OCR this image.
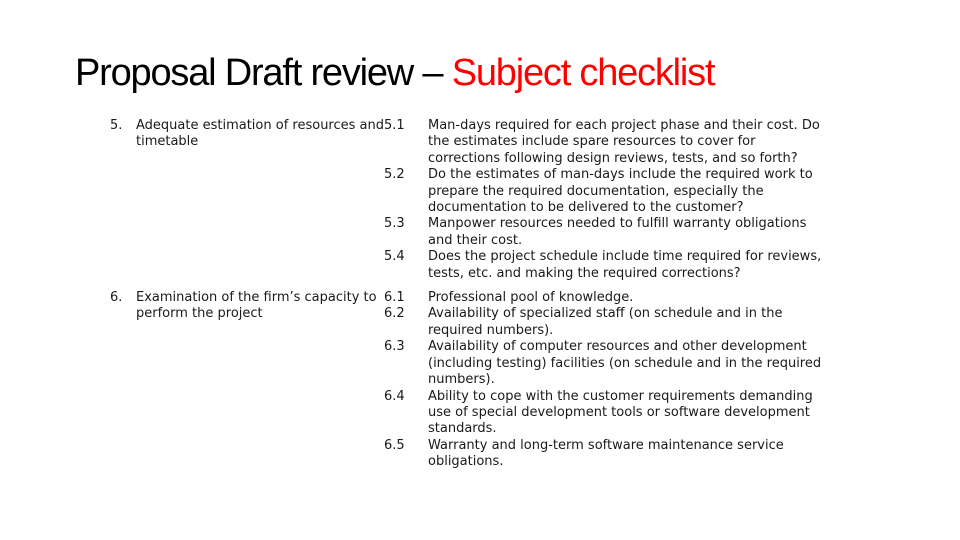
Proposal Draft review – Subject checklist
5.	Adequate estimation of resources and timetable
5.1	Man-days required for each project phase and their cost. Do the estimates include spare resources to cover for corrections following design reviews, tests, and so forth?
5.2	Do the estimates of man-days include the required work to prepare the required documentation, especially the documentation to be delivered to the customer?
5.3	Manpower resources needed to fulfill warranty obligations and their cost.
5.4	Does the project schedule include time required for reviews, tests, etc. and making the required corrections?
6.	Examination of the firm’s capacity to perform the project
6.1	Professional pool of knowledge.
6.2	Availability of specialized staff (on schedule and in the required numbers).
6.3	Availability of computer resources and other development (including testing) facilities (on schedule and in the required numbers).
6.4	Ability to cope with the customer requirements demanding use of special development tools or software development standards.
6.5	Warranty and long-term software maintenance service obligations.
